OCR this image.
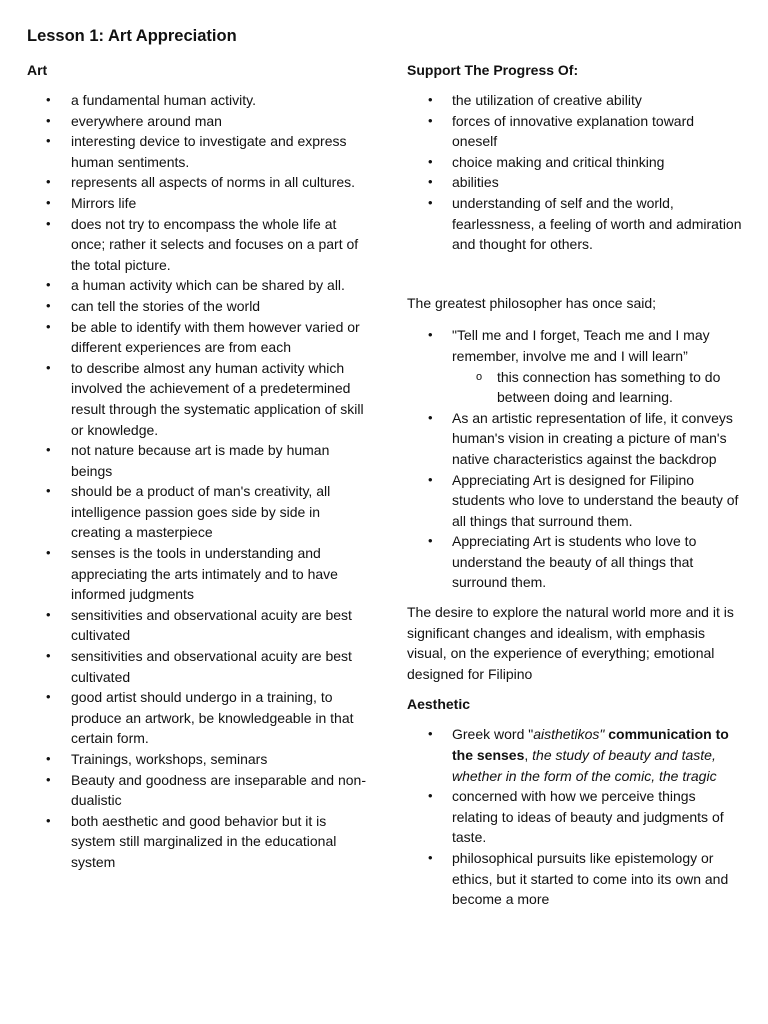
Lesson 1: Art Appreciation
Art
• a fundamental human activity.
• everywhere around man
• interesting device to investigate and express human sentiments.
• represents all aspects of norms in all cultures.
• Mirrors life
• does not try to encompass the whole life at once; rather it selects and focuses on a part of the total picture.
• a human activity which can be shared by all.
• can tell the stories of the world
• be able to identify with them however varied or different experiences are from each
• to describe almost any human activity which involved the achievement of a predetermined result through the systematic application of skill or knowledge.
• not nature because art is made by human beings
• should be a product of man's creativity, all intelligence passion goes side by side in creating a masterpiece
• senses is the tools in understanding and appreciating the arts intimately and to have informed judgments
• sensitivities and observational acuity are best cultivated
• sensitivities and observational acuity are best cultivated
• good artist should undergo in a training, to produce an artwork, be knowledgeable in that certain form.
• Trainings, workshops, seminars
• Beauty and goodness are inseparable and non-dualistic
• both aesthetic and good behavior but it is system still marginalized in the educational system
Support The Progress Of:
• the utilization of creative ability
• forces of innovative explanation toward oneself
• choice making and critical thinking
• abilities
• understanding of self and the world, fearlessness, a feeling of worth and admiration and thought for others.

The greatest philosopher has once said;

• "Tell me and I forget, Teach me and I may remember, involve me and I will learn”
o this connection has something to do between doing and learning.
• As an artistic representation of life, it conveys human's vision in creating a picture of man's native characteristics against the backdrop
• Appreciating Art is designed for Filipino students who love to understand the beauty of all things that surround them.
• Appreciating Art is students who love to understand the beauty of all things that surround them.

The desire to explore the natural world more and it is significant changes and idealism, with emphasis visual, on the experience of everything; emotional designed for Filipino

Aesthetic
• Greek word "aisthetikos" communication to the senses, the study of beauty and taste, whether in the form of the comic, the tragic
• concerned with how we perceive things relating to ideas of beauty and judgments of taste.
• philosophical pursuits like epistemology or ethics, but it started to come into its own and become a more
